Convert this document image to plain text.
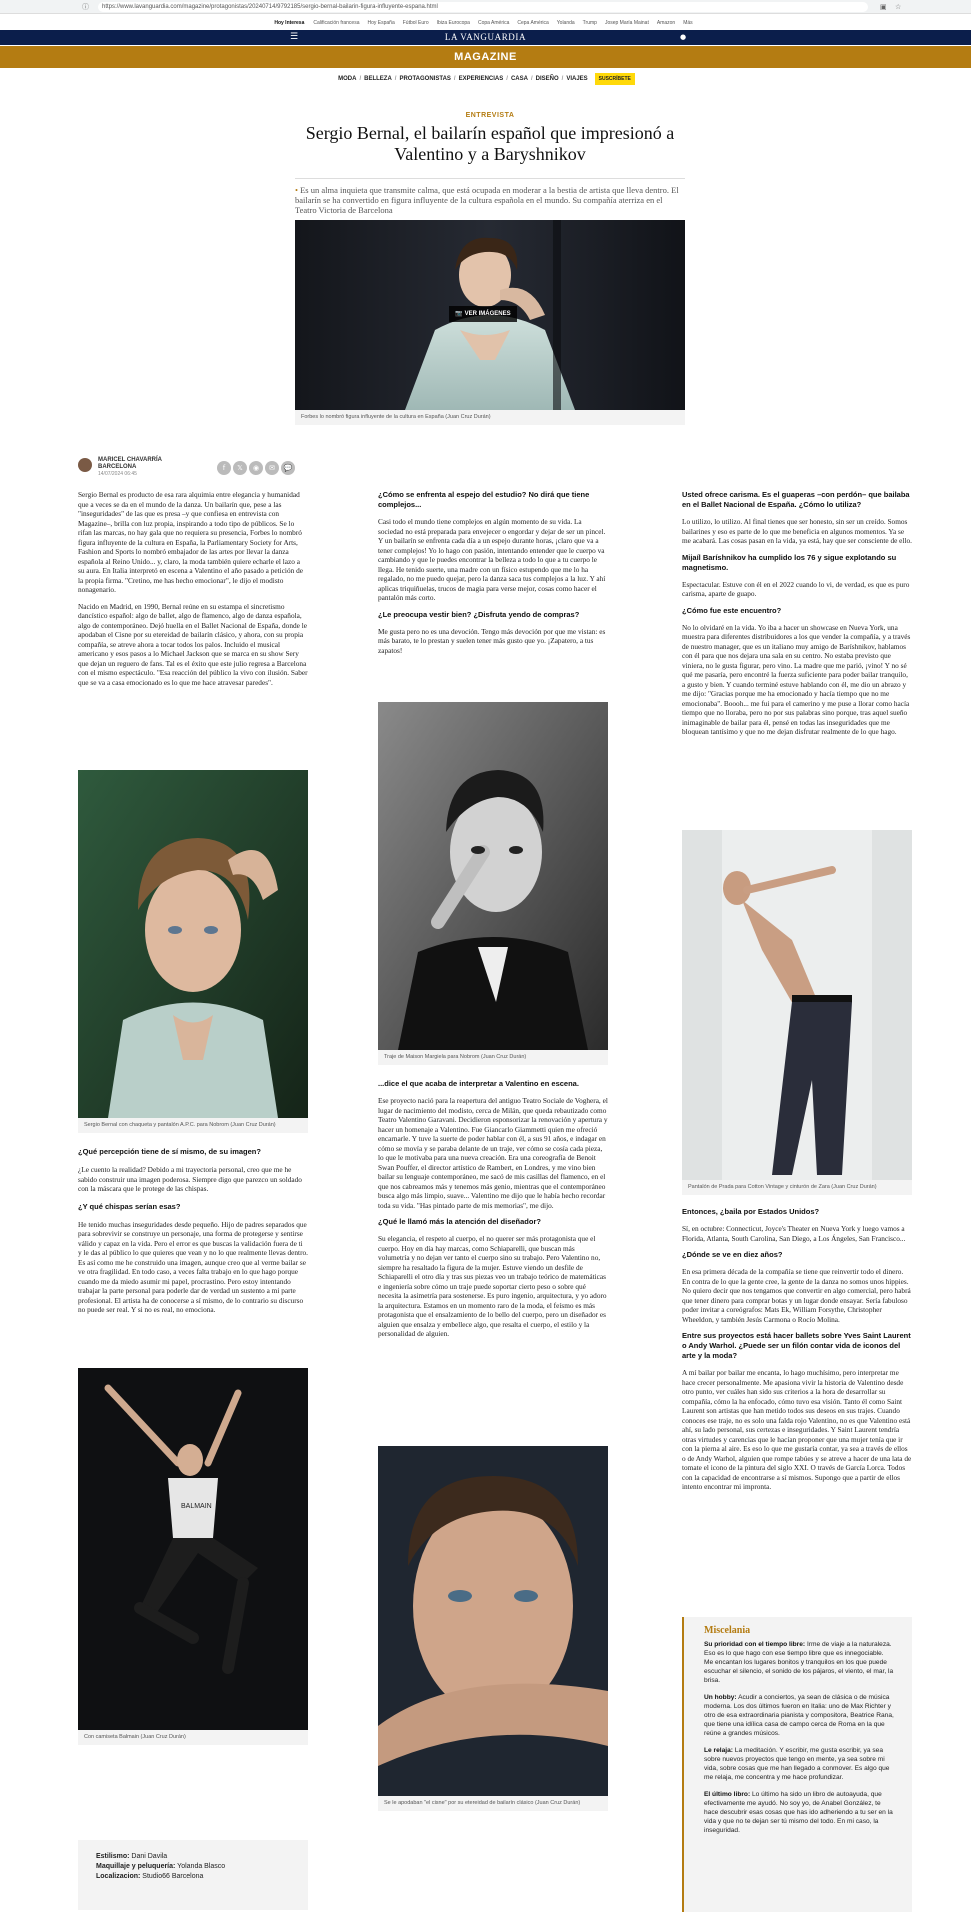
ⓘ	https://www.lavanguardia.com/magazine/protagonistas/20240714/9792185/sergio-bernal-bailarin-figura-influyente-espana.html	▣ ☆
Hoy Interesa Calificación francesa Hoy España Fútbol Euro Ibiza Eurocopa Copa América Cepa América Yolanda Trump Josep María Mainat Amazon Más
LA VANGUARDIA
☰	●
MAGAZINE
MODA / BELLEZA / PROTAGONISTAS / EXPERIENCIAS / CASA / DISEÑO / VIAJES SUSCRÍBETE
ENTREVISTA
Sergio Bernal, el bailarín español que impresionó a Valentino y a Baryshnikov
• Es un alma inquieta que transmite calma, que está ocupada en moderar a la bestia de artista que lleva dentro. El bailarín se ha convertido en figura influyente de la cultura española en el mundo. Su compañía aterriza en el Teatro Victoria de Barcelona
📷 VER IMÁGENES
Forbes lo nombró figura influyente de la cultura en España (Juan Cruz Durán)
MARICEL CHAVARRÍA
BARCELONA
14/07/2024 06:45
f 𝕏 ◉ ✉ 💬

Sergio Bernal es producto de esa rara alquimia entre elegancia y humanidad que a veces se da en el mundo de la danza. Un bailarín que, pese a las "inseguridades" de las que es presa –y que confiesa en entrevista con Magazine–, brilla con luz propia, inspirando a todo tipo de públicos. Se lo rifan las marcas, no hay gala que no requiera su presencia, Forbes lo nombró figura influyente de la cultura en España, la Parliamentary Society for Arts, Fashion and Sports lo nombró embajador de las artes por llevar la danza española al Reino Unido... y, claro, la moda también quiere echarle el lazo a su aura. En Italia interpretó en escena a Valentino el año pasado a petición de la propia firma. "Cretino, me has hecho emocionar", le dijo el modisto nonagenario.

Nacido en Madrid, en 1990, Bernal reúne en su estampa el sincretismo dancístico español: algo de ballet, algo de flamenco, algo de danza española, algo de contemporáneo. Dejó huella en el Ballet Nacional de España, donde le apodaban el Cisne por su etereidad de bailarín clásico, y ahora, con su propia compañía, se atreve ahora a tocar todos los palos. Incluido el musical americano y esos pasos a lo Michael Jackson que se marca en su show Sery que dejan un reguero de fans. Tal es el éxito que este julio regresa a Barcelona con el mismo espectáculo. "Esa reacción del público la vivo con ilusión. Saber que se va a casa emocionado es lo que me hace atravesar paredes".

Sergio Bernal con chaqueta y pantalón A.P.C. para Nobrom (Juan Cruz Durán)

¿Qué percepción tiene de sí mismo, de su imagen?

¿Le cuento la realidad? Debido a mi trayectoria personal, creo que me he sabido construir una imagen poderosa. Siempre digo que parezco un soldado con la máscara que le protege de las chispas.

¿Y qué chispas serían esas?

He tenido muchas inseguridades desde pequeño. Hijo de padres separados que para sobrevivir se construye un personaje, una forma de protegerse y sentirse válido y capaz en la vida. Pero el error es que buscas la validación fuera de ti y le das al público lo que quieres que vean y no lo que realmente llevas dentro. Es así como me he construido una imagen, aunque creo que al verme bailar se ve otra fragilidad. En todo caso, a veces falta trabajo en lo que hago porque cuando me da miedo asumir mi papel, procrastino. Pero estoy intentando trabajar la parte personal para poderle dar de verdad un sustento a mi parte profesional. El artista ha de conocerse a sí mismo, de lo contrario su discurso no puede ser real. Y si no es real, no emociona.

BALMAIN
Con camiseta Balmain (Juan Cruz Durán)
Estilismo: Dani Davila
Maquillaje y peluquería: Yolanda Blasco
Localizacion: Studio66 Barcelona

¿Cómo se enfrenta al espejo del estudio? No dirá que tiene complejos...

Casi todo el mundo tiene complejos en algún momento de su vida. La sociedad no está preparada para envejecer o engordar y dejar de ser un pincel. Y un bailarín se enfrenta cada día a un espejo durante horas, ¡claro que va a tener complejos! Yo lo hago con pasión, intentando entender que le cuerpo va cambiando y que le puedes encontrar la belleza a todo lo que a tu cuerpo le llega. He tenido suerte, una madre con un físico estupendo que me lo ha regalado, no me puedo quejar, pero la danza saca tus complejos a la luz. Y ahí aplicas triquiñuelas, trucos de magia para verse mejor, cosas como hacer el pantalón más corto.

¿Le preocupa vestir bien? ¿Disfruta yendo de compras?

Me gusta pero no es una devoción. Tengo más devoción por que me vistan: es más barato, te lo prestan y suelen tener más gusto que yo. ¡Zapatero, a tus zapatos!

Traje de Maison Margiela para Nobrom (Juan Cruz Durán)

...dice el que acaba de interpretar a Valentino en escena.

Ese proyecto nació para la reapertura del antiguo Teatro Sociale de Voghera, el lugar de nacimiento del modisto, cerca de Milán, que queda rebautizado como Teatro Valentino Garavani. Decidieron esponsorizar la renovación y apertura y hacer un homenaje a Valentino. Fue Giancarlo Giammetti quien me ofreció encarnarle. Y tuve la suerte de poder hablar con él, a sus 91 años, e indagar en cómo se movía y se paraba delante de un traje, ver cómo se cosía cada pieza, lo que le motivaba para una nueva creación. Era una coreografía de Benoit Swan Pouffer, el director artístico de Rambert, en Londres, y me vino bien bailar su lenguaje contemporáneo, me sacó de mis casillas del flamenco, en el que nos cabreamos más y tenemos más genio, mientras que el contemporáneo busca algo más limpio, suave... Valentino me dijo que le había hecho recordar toda su vida. "Has pintado parte de mis memorias", me dijo.

¿Qué le llamó más la atención del diseñador?

Su elegancia, el respeto al cuerpo, el no querer ser más protagonista que el cuerpo. Hoy en día hay marcas, como Schiaparelli, que buscan más volumetría y no dejan ver tanto el cuerpo sino su trabajo. Pero Valentino no, siempre ha resaltado la figura de la mujer. Estuve viendo un desfile de Schiaparelli el otro día y tras sus piezas veo un trabajo teórico de matemáticas e ingeniería sobre cómo un traje puede soportar cierto peso o sobre qué necesita la asimetría para sostenerse. Es puro ingenio, arquitectura, y yo adoro la arquitectura. Estamos en un momento raro de la moda, el feísmo es más protagonista que el ensalzamiento de lo bello del cuerpo, pero un diseñador es alguien que ensalza y embellece algo, que resalta el cuerpo, el estilo y la personalidad de alguien.

Se le apodaban "el cisne" por su etereidad de bailarín clásico (Juan Cruz Durán)

Usted ofrece carisma. Es el guaperas –con perdón– que bailaba en el Ballet Nacional de España. ¿Cómo lo utiliza?

Lo utilizo, lo utilizo. Al final tienes que ser honesto, sin ser un creído. Somos bailarines y eso es parte de lo que me beneficia en algunos momentos. Ya se me acabará. Las cosas pasan en la vida, ya está, hay que ser consciente de ello.

Mijaíl Baríshnikov ha cumplido los 76 y sigue explotando su magnetismo.

Espectacular. Estuve con él en el 2022 cuando lo vi, de verdad, es que es puro carisma, aparte de guapo.

¿Cómo fue este encuentro?

No lo olvidaré en la vida. Yo iba a hacer un showcase en Nueva York, una muestra para diferentes distribuidores a los que vender la compañía, y a través de nuestro manager, que es un italiano muy amigo de Baríshnikov, hablamos con él para que nos dejara una sala en su centro. No estaba previsto que viniera, no le gusta figurar, pero vino. La madre que me parió, ¡vino! Y no sé qué me pasaría, pero encontré la fuerza suficiente para poder bailar tranquilo, a gusto y bien. Y cuando terminé estuve hablando con él, me dio un abrazo y me dijo: "Gracias porque me ha emocionado y hacía tiempo que no me emocionaba". Boooh... me fui para el camerino y me puse a llorar como hacía tiempo que no lloraba, pero no por sus palabras sino porque, tras aquel sueño inimaginable de bailar para él, pensé en todas las inseguridades que me bloquean tantísimo y que no me dejan disfrutar realmente de lo que hago.

Pantalón de Prada para Cotton Vintage y cinturón de Zara (Juan Cruz Durán)

Entonces, ¿baila por Estados Unidos?

Sí, en octubre: Connecticut, Joyce's Theater en Nueva York y luego vamos a Florida, Atlanta, South Carolina, San Diego, a Los Ángeles, San Francisco...

¿Dónde se ve en diez años?

En esa primera década de la compañía se tiene que reinvertir todo el dinero. En contra de lo que la gente cree, la gente de la danza no somos unos hippies. No quiero decir que nos tengamos que convertir en algo comercial, pero habrá que tener dinero para comprar botas y un lugar donde ensayar. Sería fabuloso poder invitar a coreógrafos: Mats Ek, William Forsythe, Christopher Wheeldon, y también Jesús Carmona o Rocío Molina.

Entre sus proyectos está hacer ballets sobre Yves Saint Laurent o Andy Warhol. ¿Puede ser un filón contar vida de iconos del arte y la moda?

A mí bailar por bailar me encanta, lo hago muchísimo, pero interpretar me hace crecer personalmente. Me apasiona vivir la historia de Valentino desde otro punto, ver cuáles han sido sus criterios a la hora de desarrollar su compañía, cómo la ha enfocado, cómo tuvo esa visión. Tanto él como Saint Laurent son artistas que han metido todos sus deseos en sus trajes. Cuando conoces ese traje, no es solo una falda rojo Valentino, no es que Valentino está ahí, su lado personal, sus certezas e inseguridades. Y Saint Laurent tendría otras virtudes y carencias que le hacían proponer que una mujer tenía que ir con la pierna al aire. Es eso lo que me gustaría contar, ya sea a través de ellos o de Andy Warhol, alguien que rompe tabúes y se atreve a hacer de una lata de tomate el icono de la pintura del siglo XXI. O través de García Lorca. Todos con la capacidad de encontrarse a sí mismos. Supongo que a partir de ellos intento encontrar mi impronta.

Miscelania

Su prioridad con el tiempo libre: Irme de viaje a la naturaleza. Eso es lo que hago con ese tiempo libre que es innegociable. Me encantan los lugares bonitos y tranquilos en los que puede escuchar el silencio, el sonido de los pájaros, el viento, el mar, la brisa.

Un hobby: Acudir a conciertos, ya sean de clásica o de música moderna. Los dos últimos fueron en Italia: uno de Max Richter y otro de esa extraordinaria pianista y compositora, Beatrice Rana, que tiene una idílica casa de campo cerca de Roma en la que reúne a grandes músicos.

Le relaja: La meditación. Y escribir, me gusta escribir, ya sea sobre nuevos proyectos que tengo en mente, ya sea sobre mi vida, sobre cosas que me han llegado a conmover. Es algo que me relaja, me concentra y me hace profundizar.

El último libro: Lo último ha sido un libro de autoayuda, que efectivamente me ayudó. No soy yo, de Anabel González, te hace descubrir esas cosas que has ido adheriendo a tu ser en la vida y que no te dejan ser tú mismo del todo. En mi caso, la inseguridad.
